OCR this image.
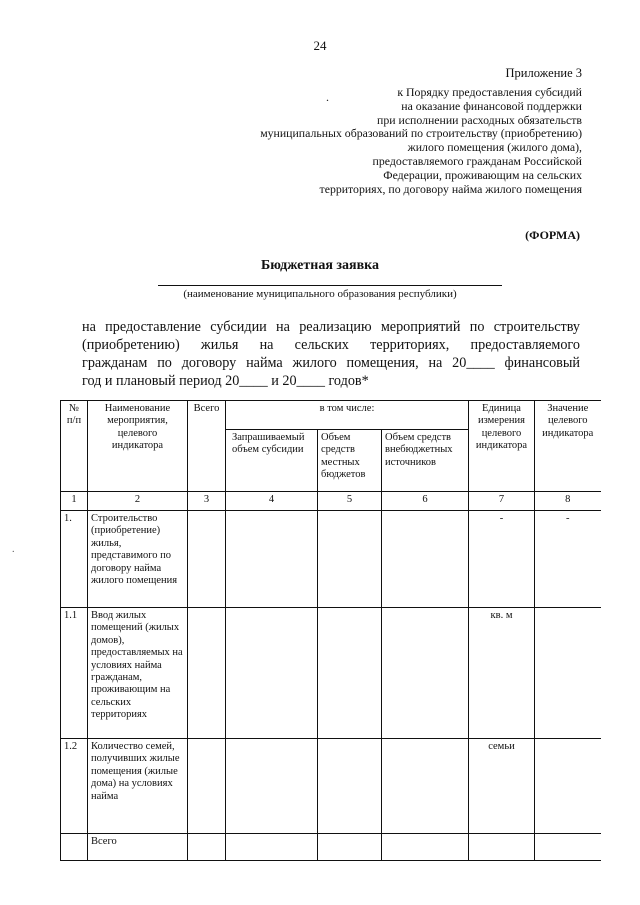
24
.
Приложение 3
к Порядку предоставления субсидий
на оказание финансовой поддержки
при исполнении расходных обязательств
муниципальных образований по строительству (приобретению)
жилого помещения (жилого дома),
предоставляемого гражданам Российской
Федерации, проживающим на сельских
территориях, по договору найма жилого помещения
(ФОРМА)
Бюджетная заявка
(наименование муниципального образования республики)
на предоставление субсидии на реализацию мероприятий по строительству
(приобретению) жилья на сельских территориях, предоставляемого
гражданам по договору найма жилого помещения, на 20____ финансовый
год и плановый период 20____ и 20____ годов*
.
№ п/п	Наименование мероприятия, целевого индикатора	Всего	в том числе:			Единица измерения целевого индикатора	Значение целевого индикатора
			Запрашиваемый объем субсидии	Объем средств местных бюджетов	Объем средств внебюджетных источников		
1	2	3	4	5	6	7	8
1.	Строительство (приобретение) жилья, представимого по договору найма жилого помещения					-	-
1.1	Ввод жилых помещений (жилых домов), предоставляемых на условиях найма гражданам, проживающим на сельских территориях					кв. м	
1.2	Количество семей, получивших жилые помещения (жилые дома) на условиях найма					семьи	
	Всего						
